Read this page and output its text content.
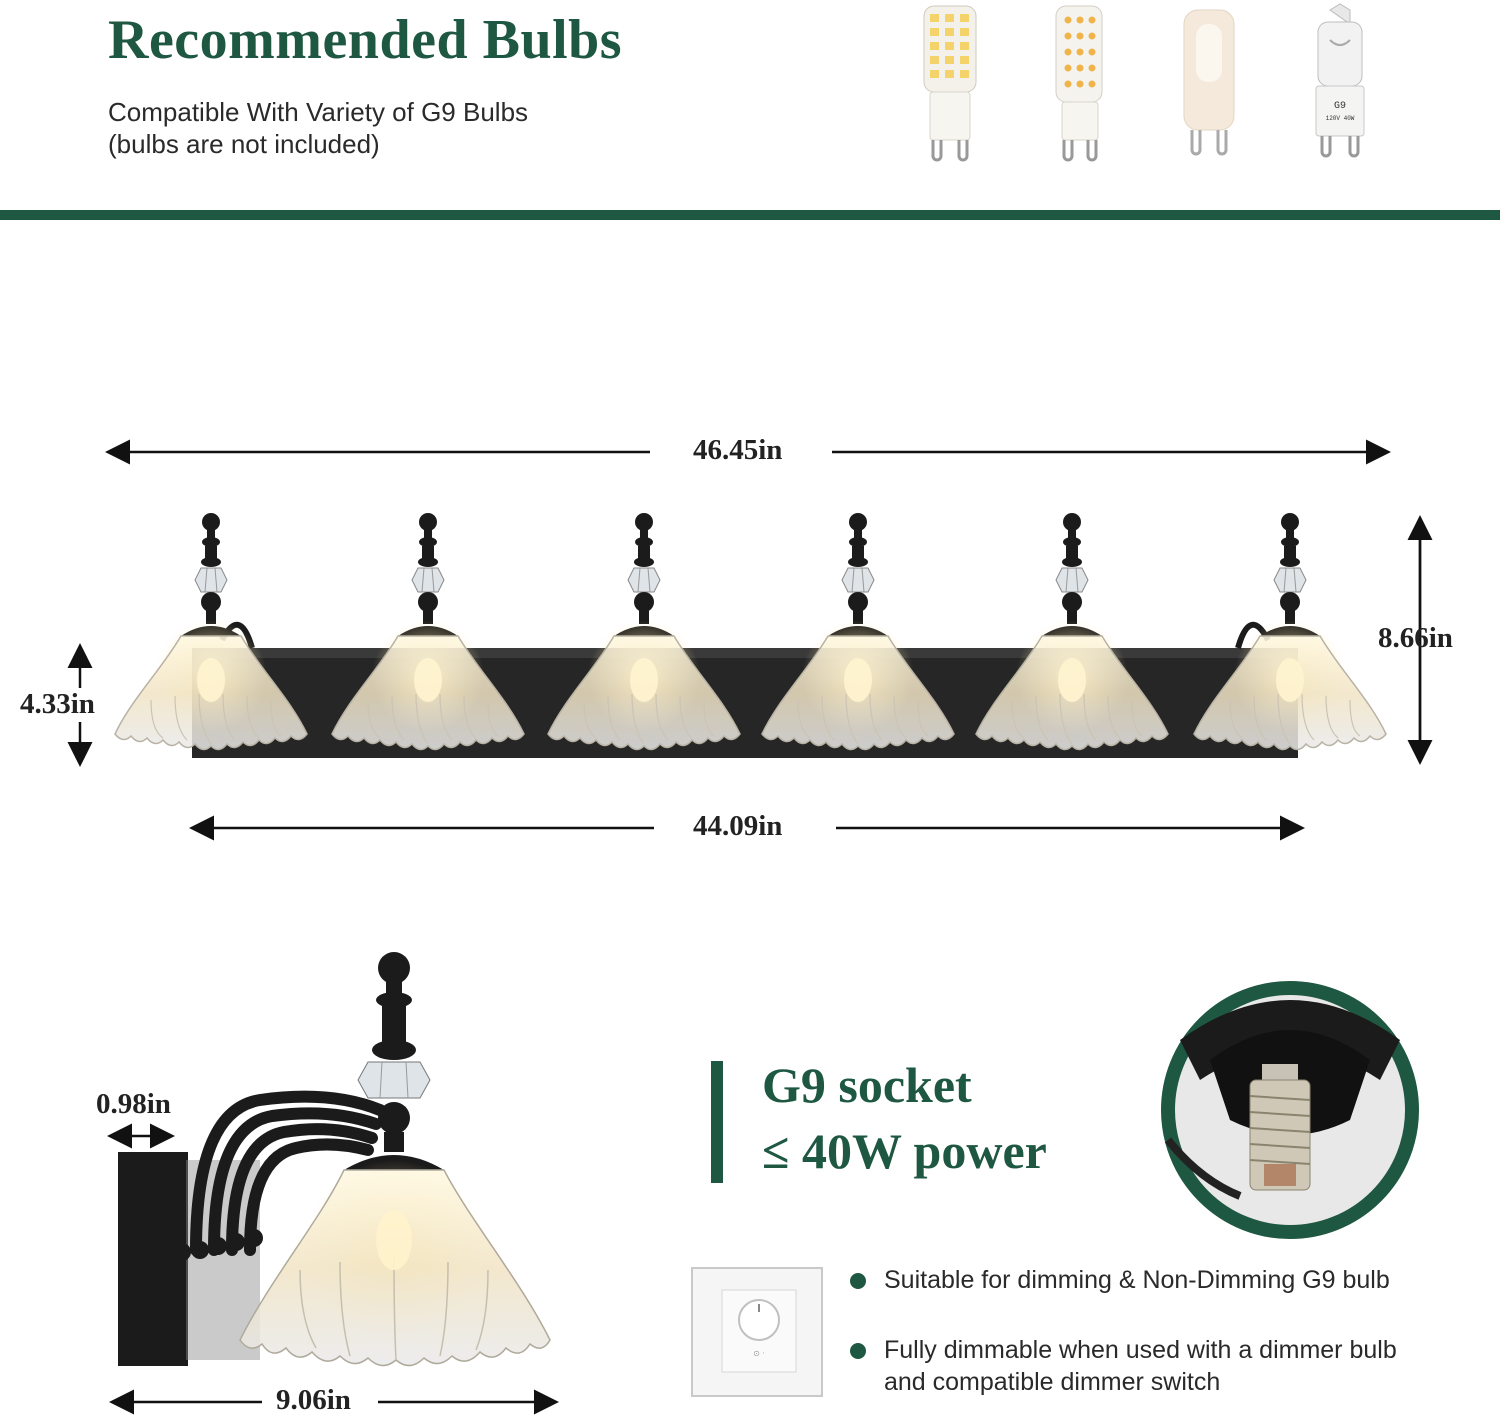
Recommended Bulbs
Compatible With Variety of G9 Bulbs
(bulbs are not included)
G9
120V 40W
⊙ ·
46.45in
44.09in
4.33in
8.66in
0.98in
9.06in
G9 socket
≤ 40W power
Suitable for dimming & Non-Dimming G9 bulb
Fully dimmable when used with a dimmer bulb and compatible dimmer switch
